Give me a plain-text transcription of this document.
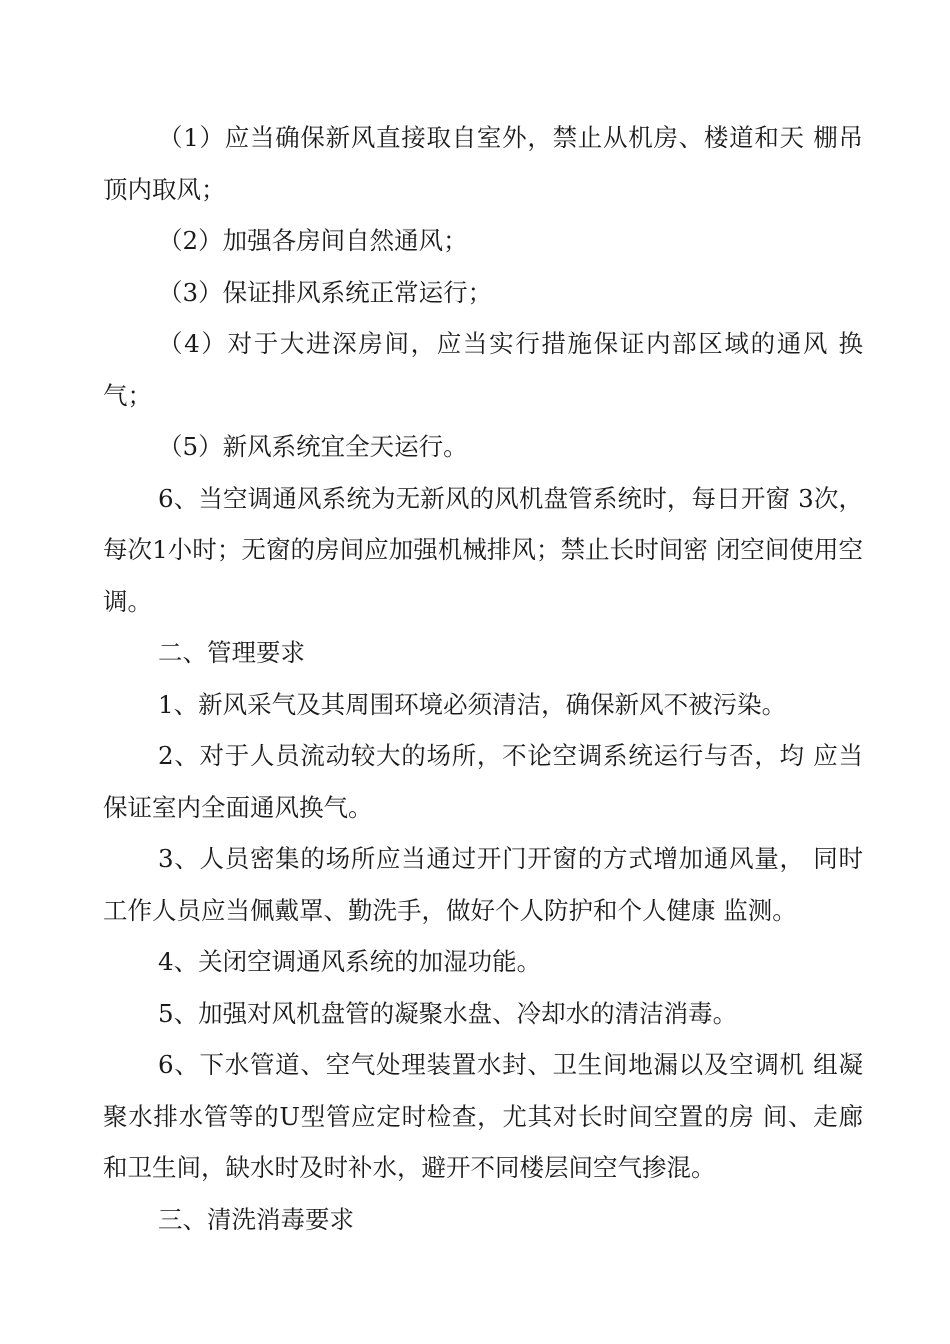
（1）应当确保新风直接取自室外，禁止从机房、楼道和天 棚吊顶内取风；

（2）加强各房间自然通风；

（3）保证排风系统正常运行；

（4）对于大进深房间，应当实行措施保证内部区域的通风 换气；

（5）新风系统宜全天运行。

6、当空调通风系统为无新风的风机盘管系统时，每日开窗 3次，每次1小时；无窗的房间应加强机械排风；禁止长时间密 闭空间使用空调。

二、管理要求

1、新风采气及其周围环境必须清洁，确保新风不被污染。

2、对于人员流动较大的场所，不论空调系统运行与否，均 应当保证室内全面通风换气。

3、人员密集的场所应当通过开门开窗的方式增加通风量， 同时工作人员应当佩戴罩、勤洗手，做好个人防护和个人健康 监测。

4、关闭空调通风系统的加湿功能。

5、加强对风机盘管的凝聚水盘、冷却水的清洁消毒。

6、下水管道、空气处理装置水封、卫生间地漏以及空调机 组凝聚水排水管等的U型管应定时检查，尤其对长时间空置的房 间、走廊和卫生间，缺水时及时补水，避开不同楼层间空气掺混。

三、清洗消毒要求
